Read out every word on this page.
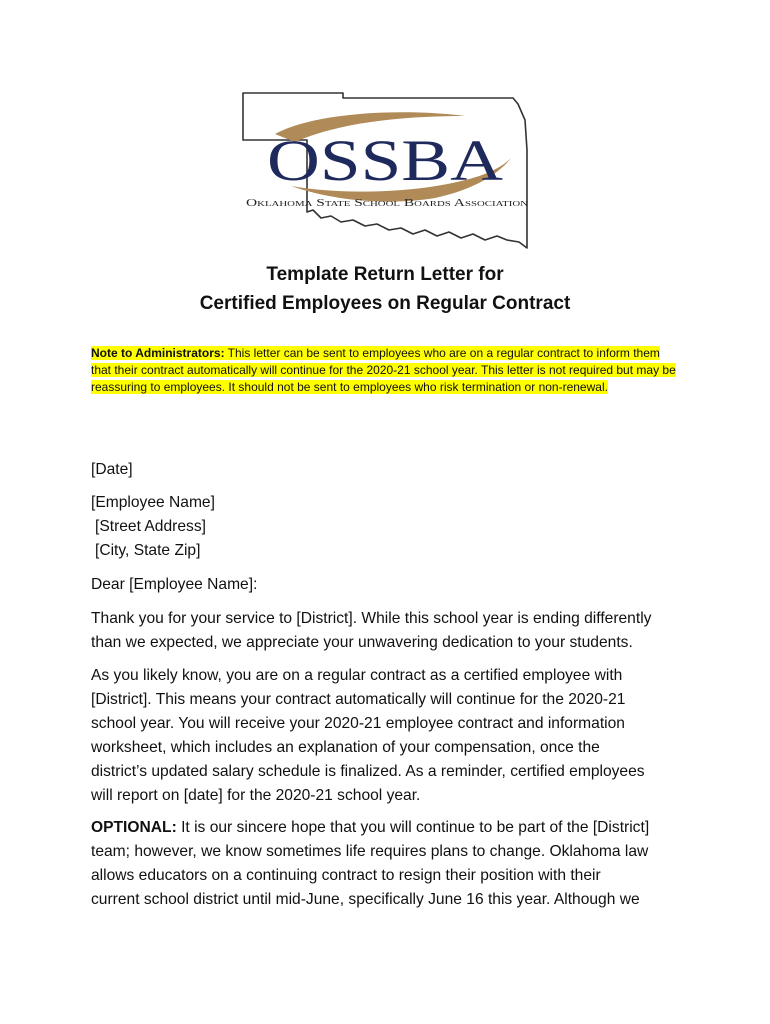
OSSBA
Oklahoma State School Boards Association
Template Return Letter for
Certified Employees on Regular Contract
Note to Administrators: This letter can be sent to employees who are on a regular contract to inform them that their contract automatically will continue for the 2020-21 school year. This letter is not required but may be reassuring to employees. It should not be sent to employees who risk termination or non-renewal.
[Date]
[Employee Name]
[Street Address]
[City, State Zip]
Dear [Employee Name]:
Thank you for your service to [District]. While this school year is ending differently
than we expected, we appreciate your unwavering dedication to your students.
As you likely know, you are on a regular contract as a certified employee with
[District]. This means your contract automatically will continue for the 2020-21
school year. You will receive your 2020-21 employee contract and information
worksheet, which includes an explanation of your compensation, once the
district’s updated salary schedule is finalized. As a reminder, certified employees
will report on [date] for the 2020-21 school year.
OPTIONAL: It is our sincere hope that you will continue to be part of the [District]
team; however, we know sometimes life requires plans to change. Oklahoma law
allows educators on a continuing contract to resign their position with their
current school district until mid-June, specifically June 16 this year. Although we
